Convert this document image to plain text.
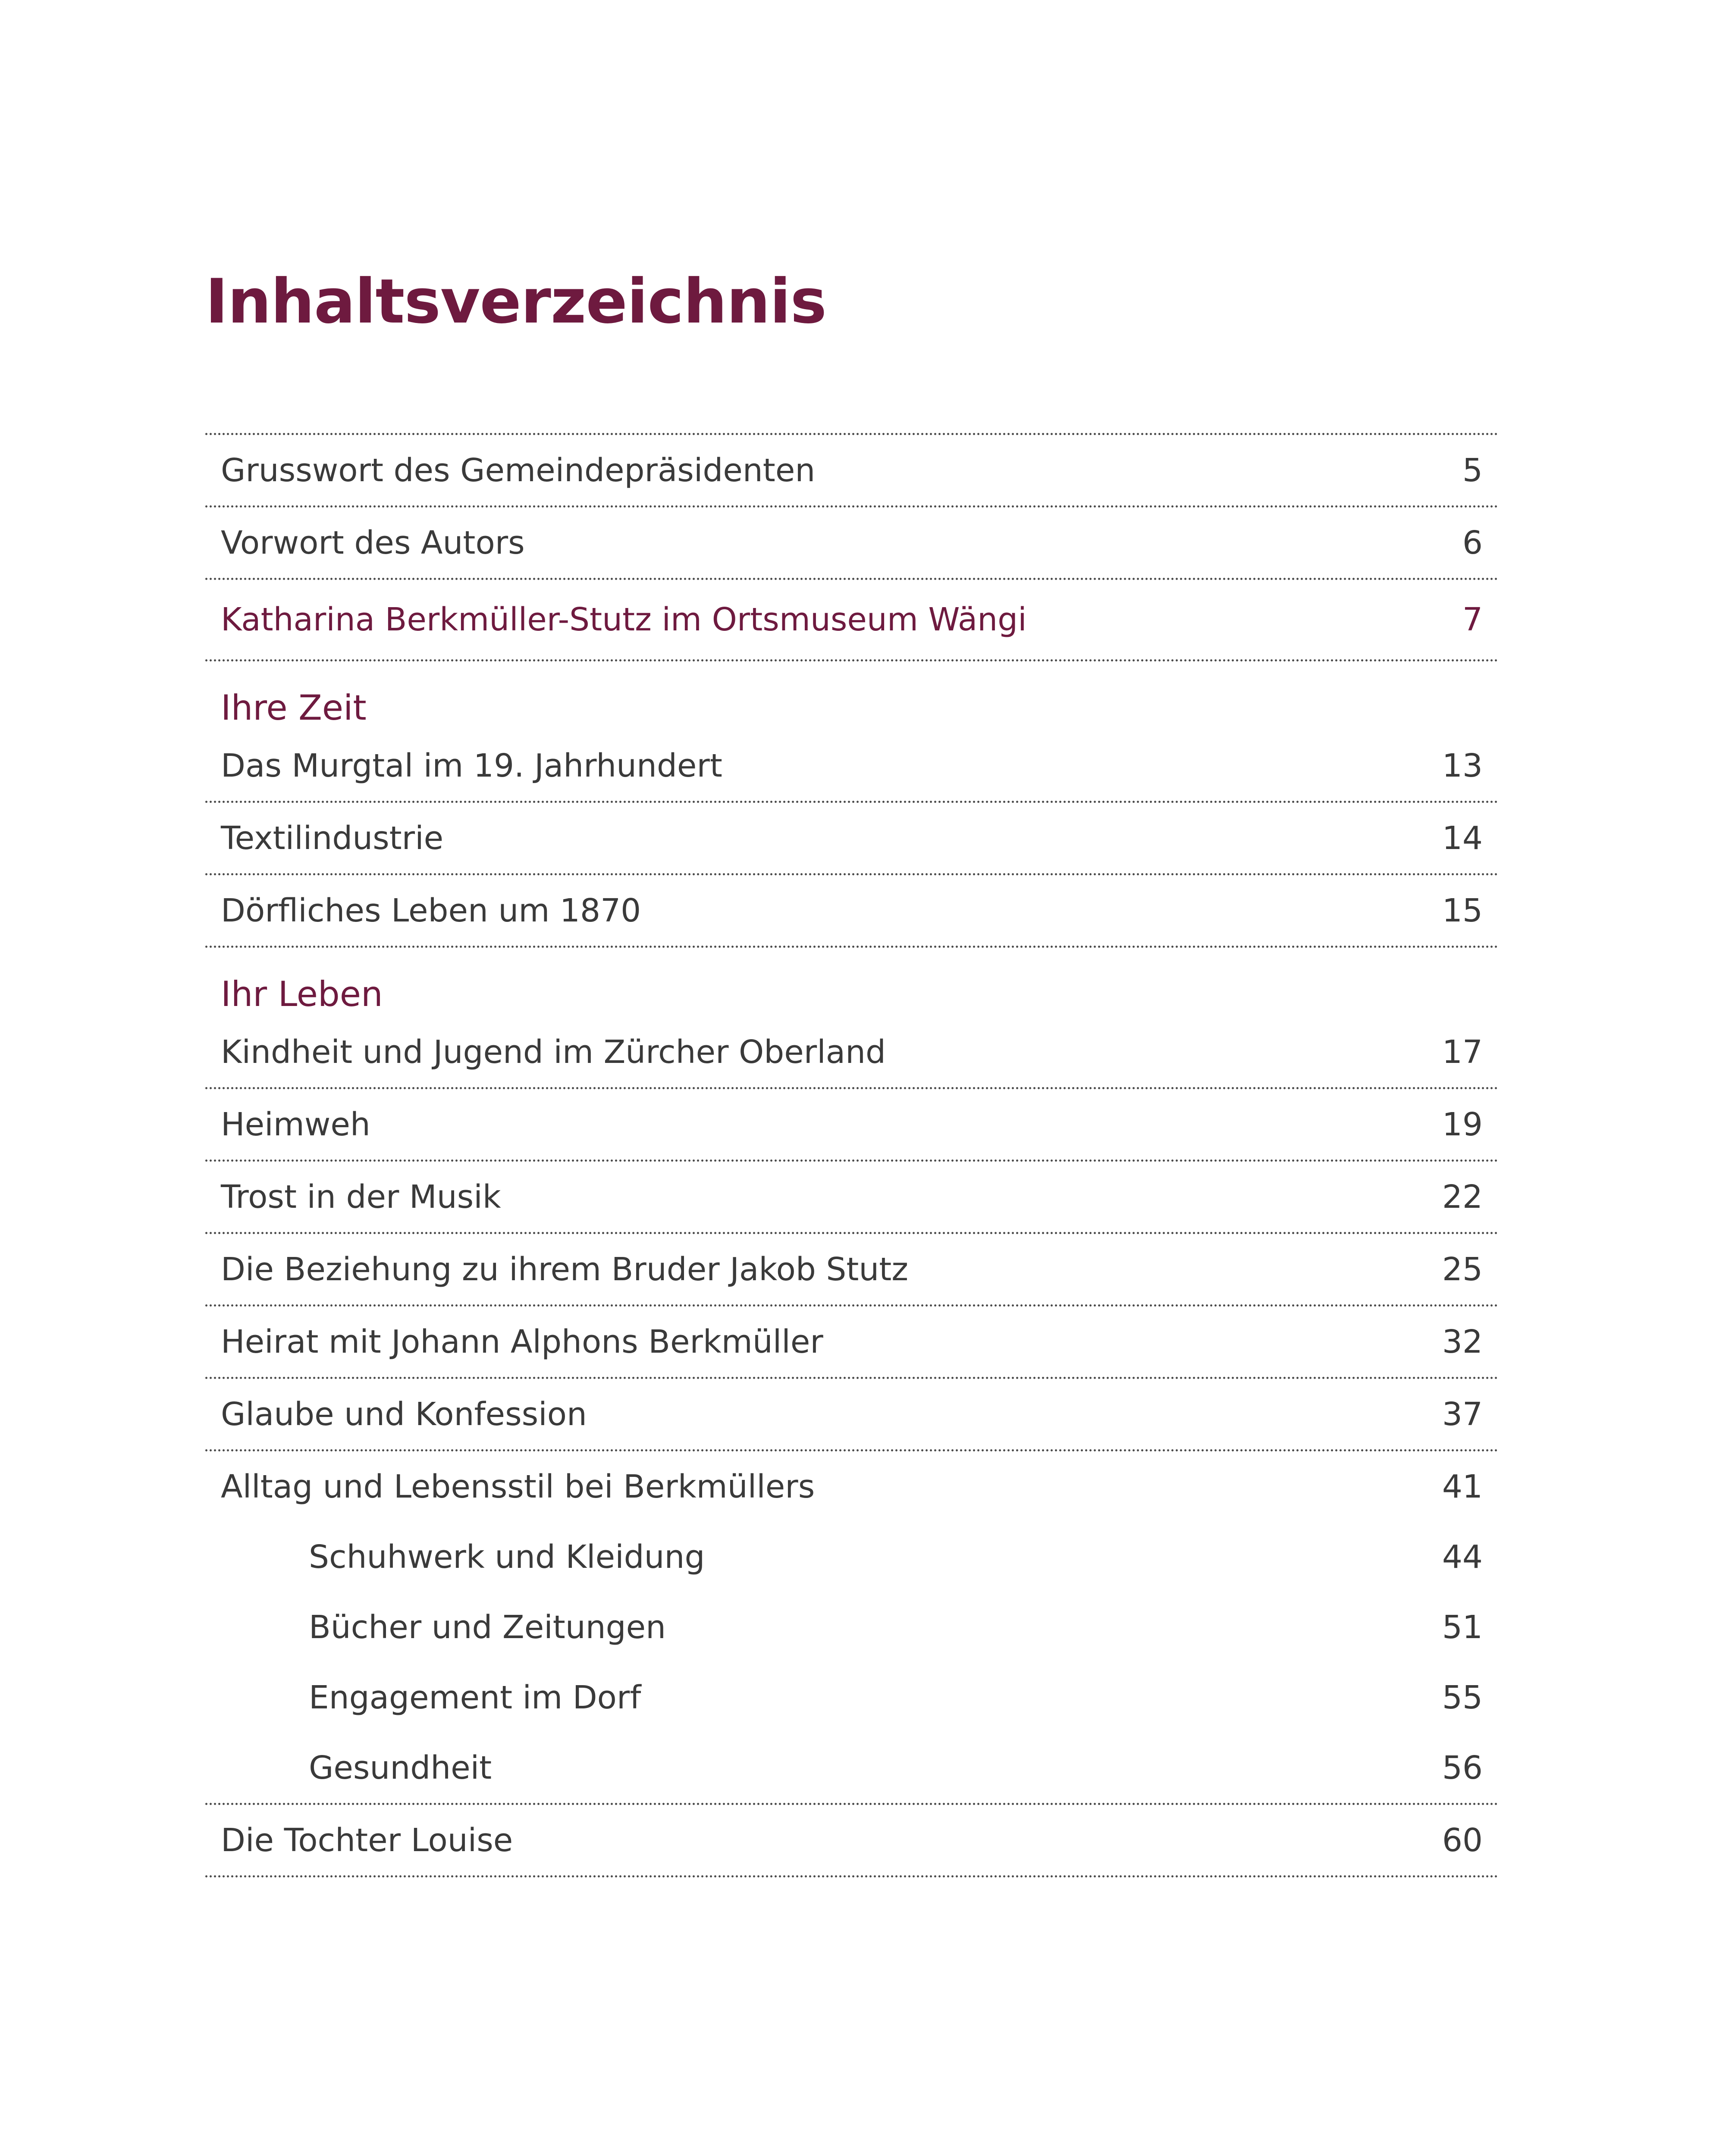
Inhaltsverzeichnis
Grusswort des Gemeindepräsidenten	5
Vorwort des Autors	6
Katharina Berkmüller-Stutz im Ortsmuseum Wängi	7
Ihre Zeit
Das Murgtal im 19. Jahrhundert	13
Textilindustrie	14
Dörfliches Leben um 1870	15
Ihr Leben
Kindheit und Jugend im Zürcher Oberland	17
Heimweh	19
Trost in der Musik	22
Die Beziehung zu ihrem Bruder Jakob Stutz	25
Heirat mit Johann Alphons Berkmüller	32
Glaube und Konfession	37
Alltag und Lebensstil bei Berkmüllers	41
Schuhwerk und Kleidung	44
Bücher und Zeitungen	51
Engagement im Dorf	55
Gesundheit	56
Die Tochter Louise	60
